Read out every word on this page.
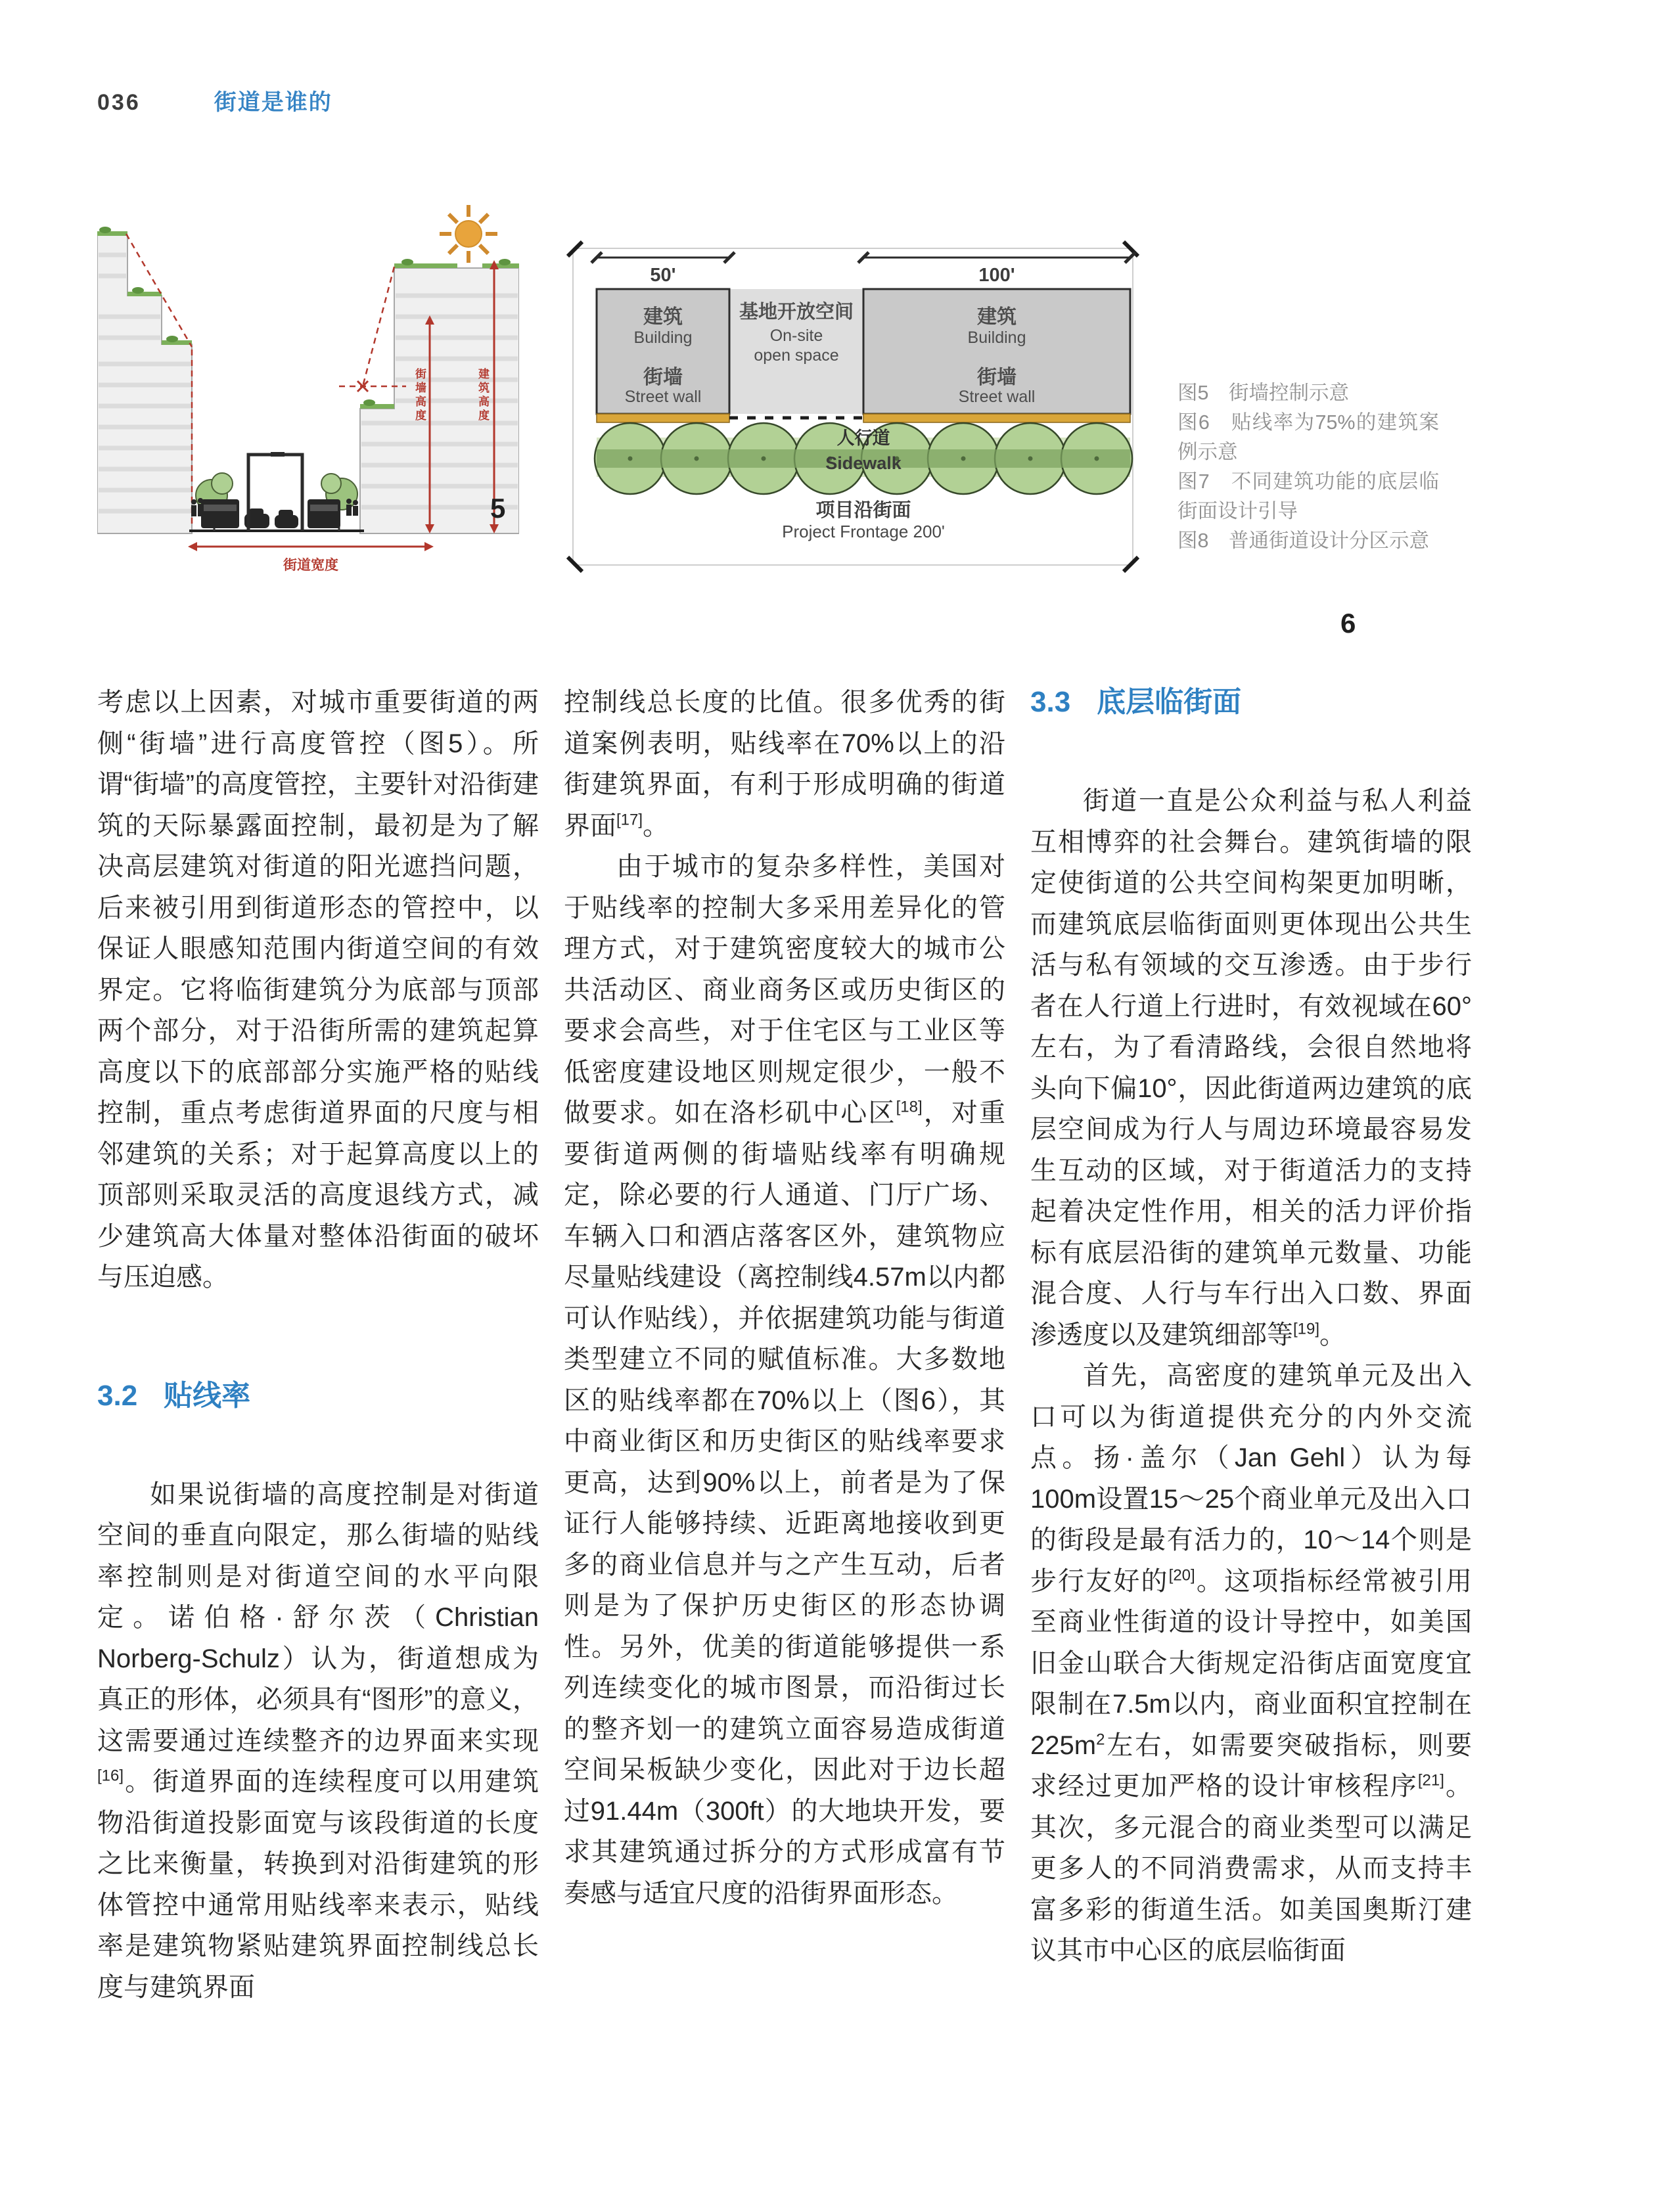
036	街道是谁的
街墙高度	建筑高度
街道宽度
5
50'	100'
建筑
Building
街墙
Street wall
建筑
Building
街墙
Street wall
基地开放空间
On-site
open space
人行道
Sidewalk
项目沿街面
Project Frontage 200'
6

图5　街墙控制示意

图6　贴线率为75%的建筑案例示意

图7　不同建筑功能的底层临街面设计引导

图8　普通街道设计分区示意

考虑以上因素，对城市重要街道的两侧“街墙”进行高度管控（图5）。所谓“街墙”的高度管控，主要针对沿街建筑的天际暴露面控制，最初是为了解决高层建筑对街道的阳光遮挡问题，后来被引用到街道形态的管控中，以保证人眼感知范围内街道空间的有效界定。它将临街建筑分为底部与顶部两个部分，对于沿街所需的建筑起算高度以下的底部部分实施严格的贴线控制，重点考虑街道界面的尺度与相邻建筑的关系；对于起算高度以上的顶部则采取灵活的高度退线方式，减少建筑高大体量对整体沿街面的破坏与压迫感。

3.2 贴线率

如果说街墙的高度控制是对街道空间的垂直向限定，那么街墙的贴线率控制则是对街道空间的水平向限定。诺伯格·舒尔茨（Christian Norberg-Schulz）认为，街道想成为真正的形体，必须具有“图形”的意义，这需要通过连续整齐的边界面来实现[16]。街道界面的连续程度可以用建筑物沿街道投影面宽与该段街道的长度之比来衡量，转换到对沿街建筑的形体管控中通常用贴线率来表示，贴线率是建筑物紧贴建筑界面控制线总长度与建筑界面

控制线总长度的比值。很多优秀的街道案例表明，贴线率在70%以上的沿街建筑界面，有利于形成明确的街道界面[17]。

由于城市的复杂多样性，美国对于贴线率的控制大多采用差异化的管理方式，对于建筑密度较大的城市公共活动区、商业商务区或历史街区的要求会高些，对于住宅区与工业区等低密度建设地区则规定很少，一般不做要求。如在洛杉矶中心区[18]，对重要街道两侧的街墙贴线率有明确规定，除必要的行人通道、门厅广场、车辆入口和酒店落客区外，建筑物应尽量贴线建设（离控制线4.57m以内都可认作贴线），并依据建筑功能与街道类型建立不同的赋值标准。大多数地区的贴线率都在70%以上（图6），其中商业街区和历史街区的贴线率要求更高，达到90%以上，前者是为了保证行人能够持续、近距离地接收到更多的商业信息并与之产生互动，后者则是为了保护历史街区的形态协调性。另外，优美的街道能够提供一系列连续变化的城市图景，而沿街过长的整齐划一的建筑立面容易造成街道空间呆板缺少变化，因此对于边长超过91.44m（300ft）的大地块开发，要求其建筑通过拆分的方式形成富有节奏感与适宜尺度的沿街界面形态。

3.3 底层临街面

街道一直是公众利益与私人利益互相博弈的社会舞台。建筑街墙的限定使街道的公共空间构架更加明晰，而建筑底层临街面则更体现出公共生活与私有领域的交互渗透。由于步行者在人行道上行进时，有效视域在60°左右，为了看清路线，会很自然地将头向下偏10°，因此街道两边建筑的底层空间成为行人与周边环境最容易发生互动的区域，对于街道活力的支持起着决定性作用，相关的活力评价指标有底层沿街的建筑单元数量、功能混合度、人行与车行出入口数、界面渗透度以及建筑细部等[19]。

首先，高密度的建筑单元及出入口可以为街道提供充分的内外交流点。扬·盖尔（Jan Gehl）认为每100m设置15～25个商业单元及出入口的街段是最有活力的，10～14个则是步行友好的[20]。这项指标经常被引用至商业性街道的设计导控中，如美国旧金山联合大街规定沿街店面宽度宜限制在7.5m以内，商业面积宜控制在$225m^2$左右，如需要突破指标，则要求经过更加严格的设计审核程序[21]。其次，多元混合的商业类型可以满足更多人的不同消费需求，从而支持丰富多彩的街道生活。如美国奥斯汀建议其市中心区的底层临街面
